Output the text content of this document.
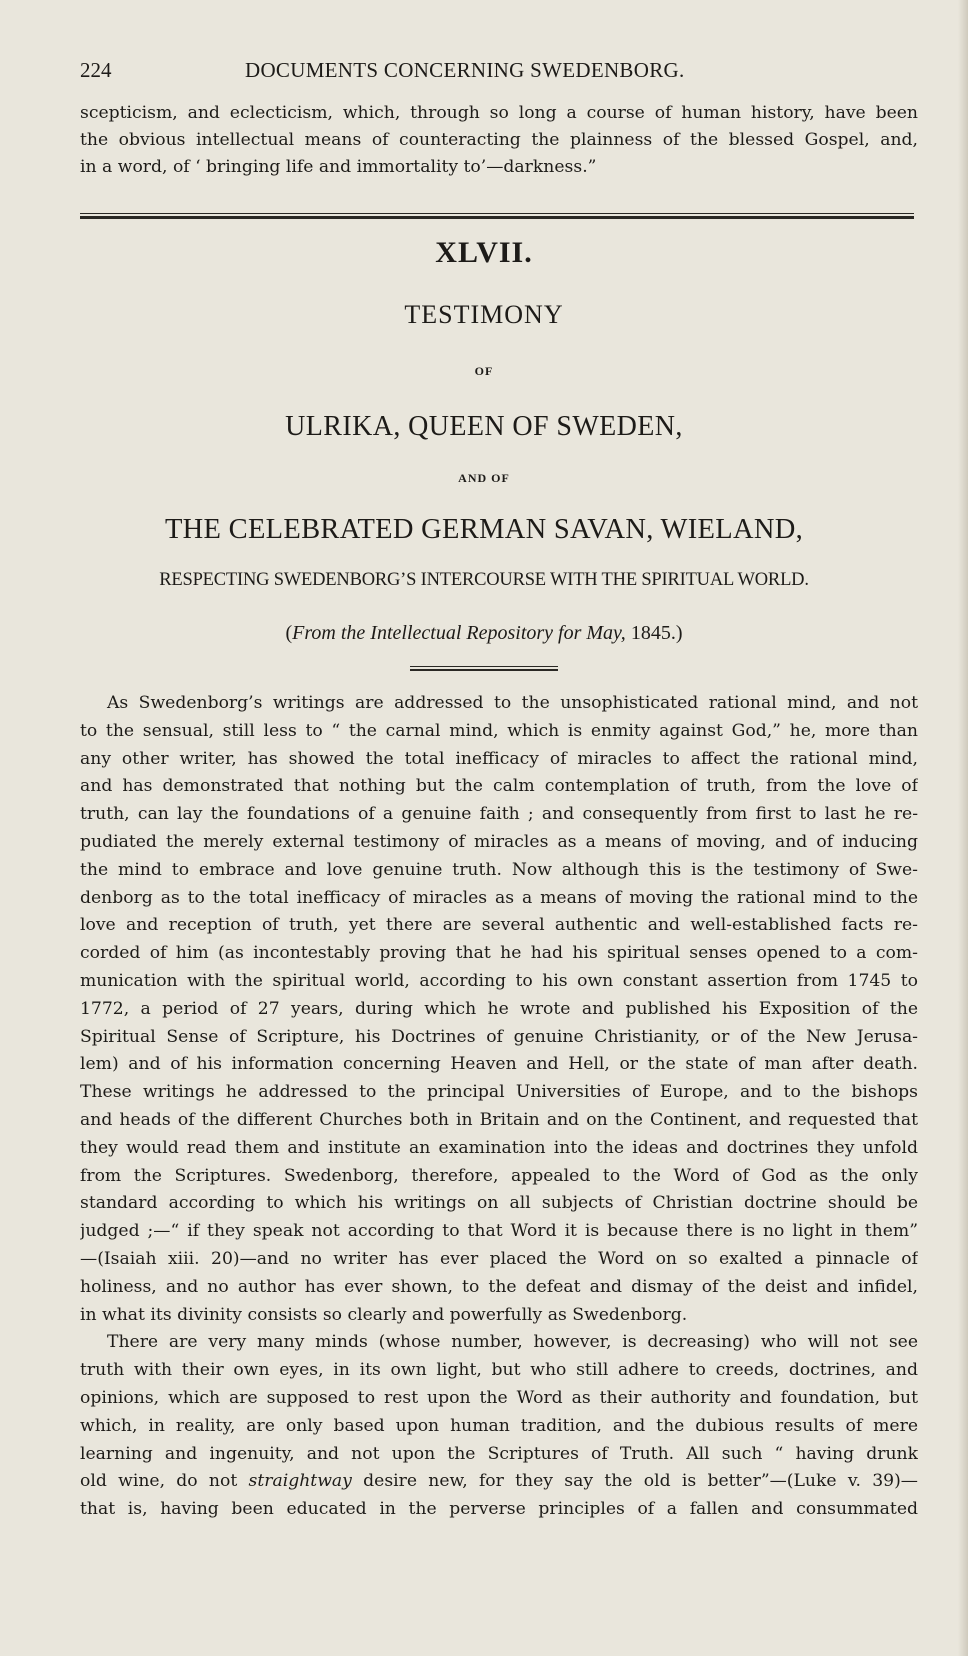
224	DOCUMENTS CONCERNING SWEDENBORG.

scepticism, and eclecticism, which, through so long a course of human history, have been
the obvious intellectual means of counteracting the plainness of the blessed Gospel, and,
in a word, of ‘ bringing life and immortality to’—darkness.”

XLVII.
TESTIMONY
OF
ULRIKA, QUEEN OF SWEDEN,
AND OF
THE CELEBRATED GERMAN SAVAN, WIELAND,
RESPECTING SWEDENBORG’S INTERCOURSE WITH THE SPIRITUAL WORLD.
(From the Intellectual Repository for May, 1845.)

As Swedenborg’s writings are addressed to the unsophisticated rational mind, and not
to the sensual, still less to “ the carnal mind, which is enmity against God,” he, more than
any other writer, has showed the total inefficacy of miracles to affect the rational mind,
and has demonstrated that nothing but the calm contemplation of truth, from the love of
truth, can lay the foundations of a genuine faith ; and consequently from first to last he re-
pudiated the merely external testimony of miracles as a means of moving, and of inducing
the mind to embrace and love genuine truth. Now although this is the testimony of Swe-
denborg as to the total inefficacy of miracles as a means of moving the rational mind to the
love and reception of truth, yet there are several authentic and well-established facts re-
corded of him (as incontestably proving that he had his spiritual senses opened to a com-
munication with the spiritual world, according to his own constant assertion from 1745 to
1772, a period of 27 years, during which he wrote and published his Exposition of the
Spiritual Sense of Scripture, his Doctrines of genuine Christianity, or of the New Jerusa-
lem) and of his information concerning Heaven and Hell, or the state of man after death.
These writings he addressed to the principal Universities of Europe, and to the bishops
and heads of the different Churches both in Britain and on the Continent, and requested that
they would read them and institute an examination into the ideas and doctrines they unfold
from the Scriptures. Swedenborg, therefore, appealed to the Word of God as the only
standard according to which his writings on all subjects of Christian doctrine should be
judged ;—“ if they speak not according to that Word it is because there is no light in them”
—(Isaiah xiii. 20)—and no writer has ever placed the Word on so exalted a pinnacle of
holiness, and no author has ever shown, to the defeat and dismay of the deist and infidel,
in what its divinity consists so clearly and powerfully as Swedenborg.

There are very many minds (whose number, however, is decreasing) who will not see
truth with their own eyes, in its own light, but who still adhere to creeds, doctrines, and
opinions, which are supposed to rest upon the Word as their authority and foundation, but
which, in reality, are only based upon human tradition, and the dubious results of mere
learning and ingenuity, and not upon the Scriptures of Truth. All such “ having drunk
old wine, do not straightway desire new, for they say the old is better”—(Luke v. 39)—
that is, having been educated in the perverse principles of a fallen and consummated
